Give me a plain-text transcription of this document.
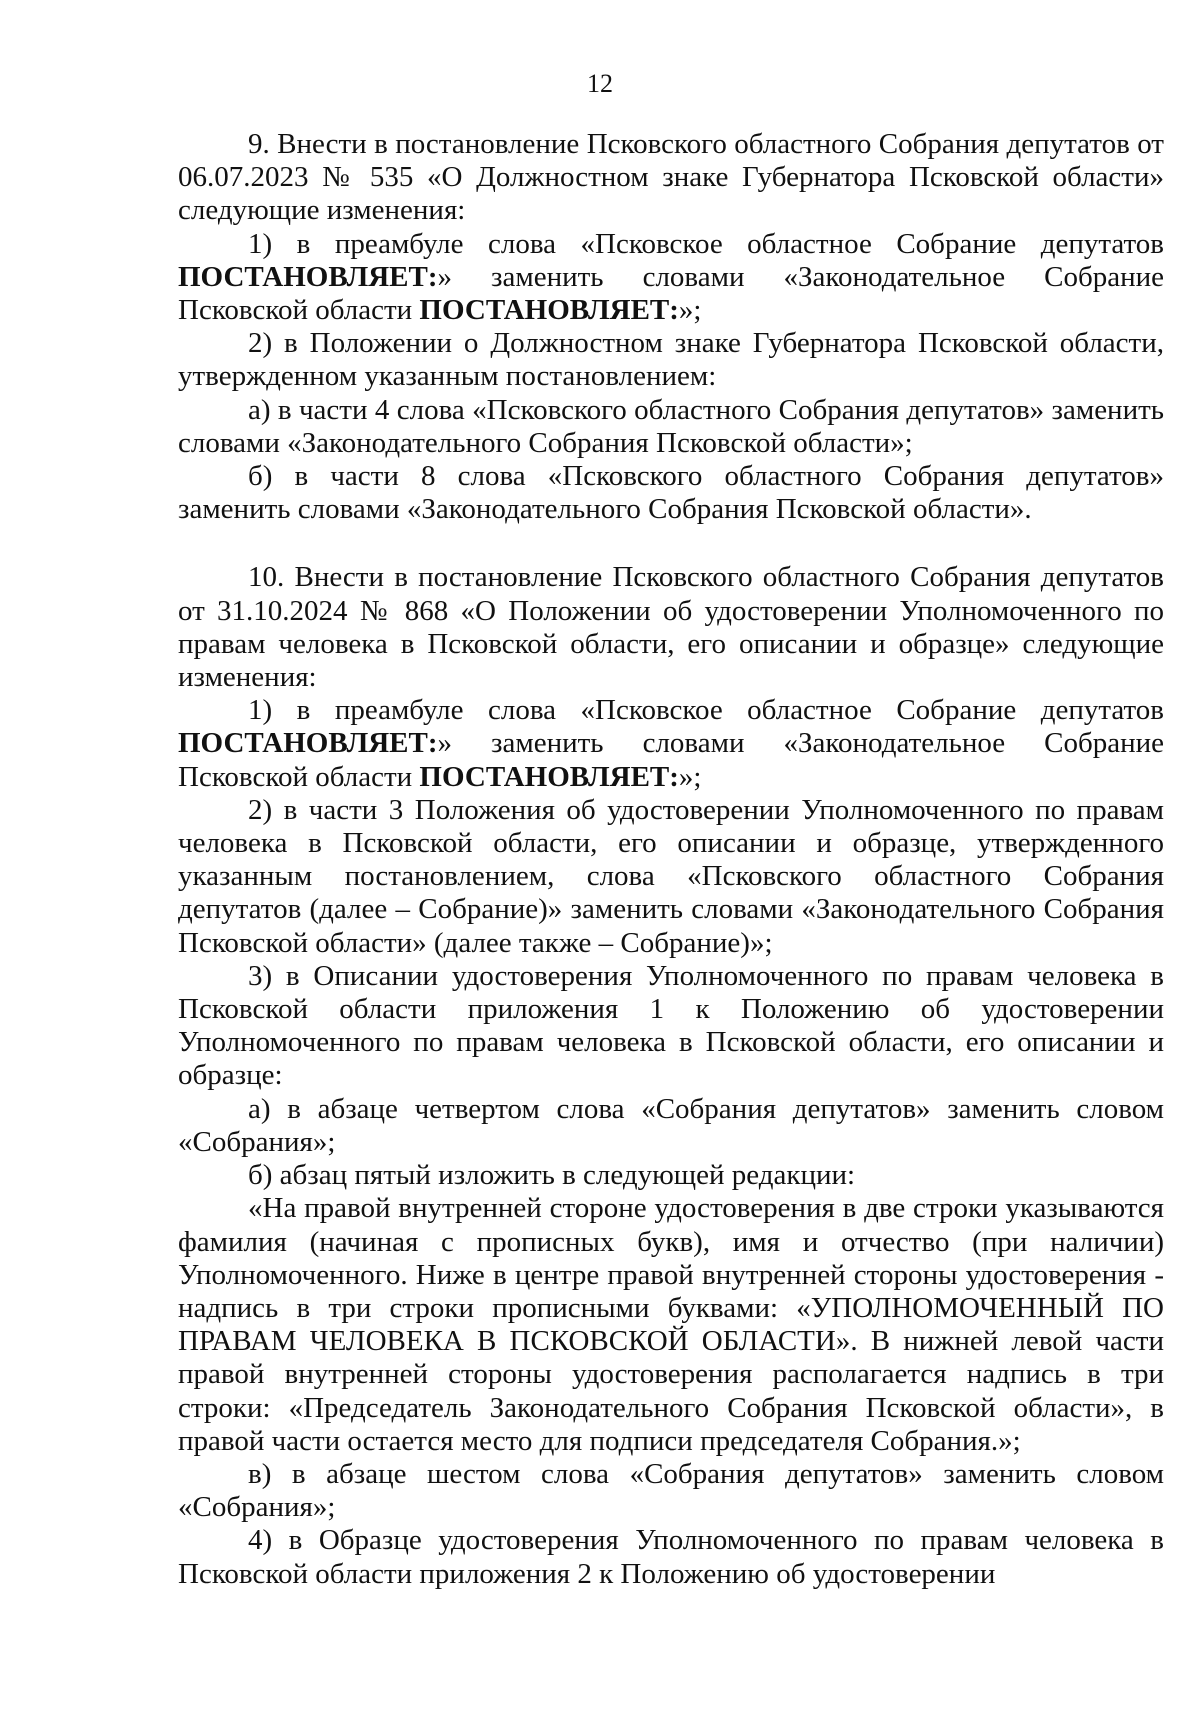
12

9. Внести в постановление Псковского областного Собрания депутатов от 06.07.2023 № 535 «О Должностном знаке Губернатора Псковской области» следующие изменения:

1) в преамбуле слова «Псковское областное Собрание депутатов ПОСТАНОВЛЯЕТ:» заменить словами «Законодательное Собрание Псковской области ПОСТАНОВЛЯЕТ:»;

2) в Положении о Должностном знаке Губернатора Псковской области, утвержденном указанным постановлением:

а) в части 4 слова «Псковского областного Собрания депутатов» заменить словами «Законодательного Собрания Псковской области»;

б) в части 8 слова «Псковского областного Собрания депутатов» заменить словами «Законодательного Собрания Псковской области».

10. Внести в постановление Псковского областного Собрания депутатов от 31.10.2024 № 868 «О Положении об удостоверении Уполномоченного по правам человека в Псковской области, его описании и образце» следующие изменения:

1) в преамбуле слова «Псковское областное Собрание депутатов ПОСТАНОВЛЯЕТ:» заменить словами «Законодательное Собрание Псковской области ПОСТАНОВЛЯЕТ:»;

2) в части 3 Положения об удостоверении Уполномоченного по правам человека в Псковской области, его описании и образце, утвержденного указанным постановлением, слова «Псковского областного Собрания депутатов (далее – Собрание)» заменить словами «Законодательного Собрания Псковской области» (далее также – Собрание)»;

3) в Описании удостоверения Уполномоченного по правам человека в Псковской области приложения 1 к Положению об удостоверении Уполномоченного по правам человека в Псковской области, его описании и образце:

а) в абзаце четвертом слова «Собрания депутатов» заменить словом «Собрания»;

б) абзац пятый изложить в следующей редакции:

«На правой внутренней стороне удостоверения в две строки указываются фамилия (начиная с прописных букв), имя и отчество (при наличии) Уполномоченного. Ниже в центре правой внутренней стороны удостоверения - надпись в три строки прописными буквами: «УПОЛНОМОЧЕННЫЙ ПО ПРАВАМ ЧЕЛОВЕКА В ПСКОВСКОЙ ОБЛАСТИ». В нижней левой части правой внутренней стороны удостоверения располагается надпись в три строки: «Председатель Законодательного Собрания Псковской области», в правой части остается место для подписи председателя Собрания.»;

в) в абзаце шестом слова «Собрания депутатов» заменить словом «Собрания»;

4) в Образце удостоверения Уполномоченного по правам человека в Псковской области приложения 2 к Положению об удостоверении
